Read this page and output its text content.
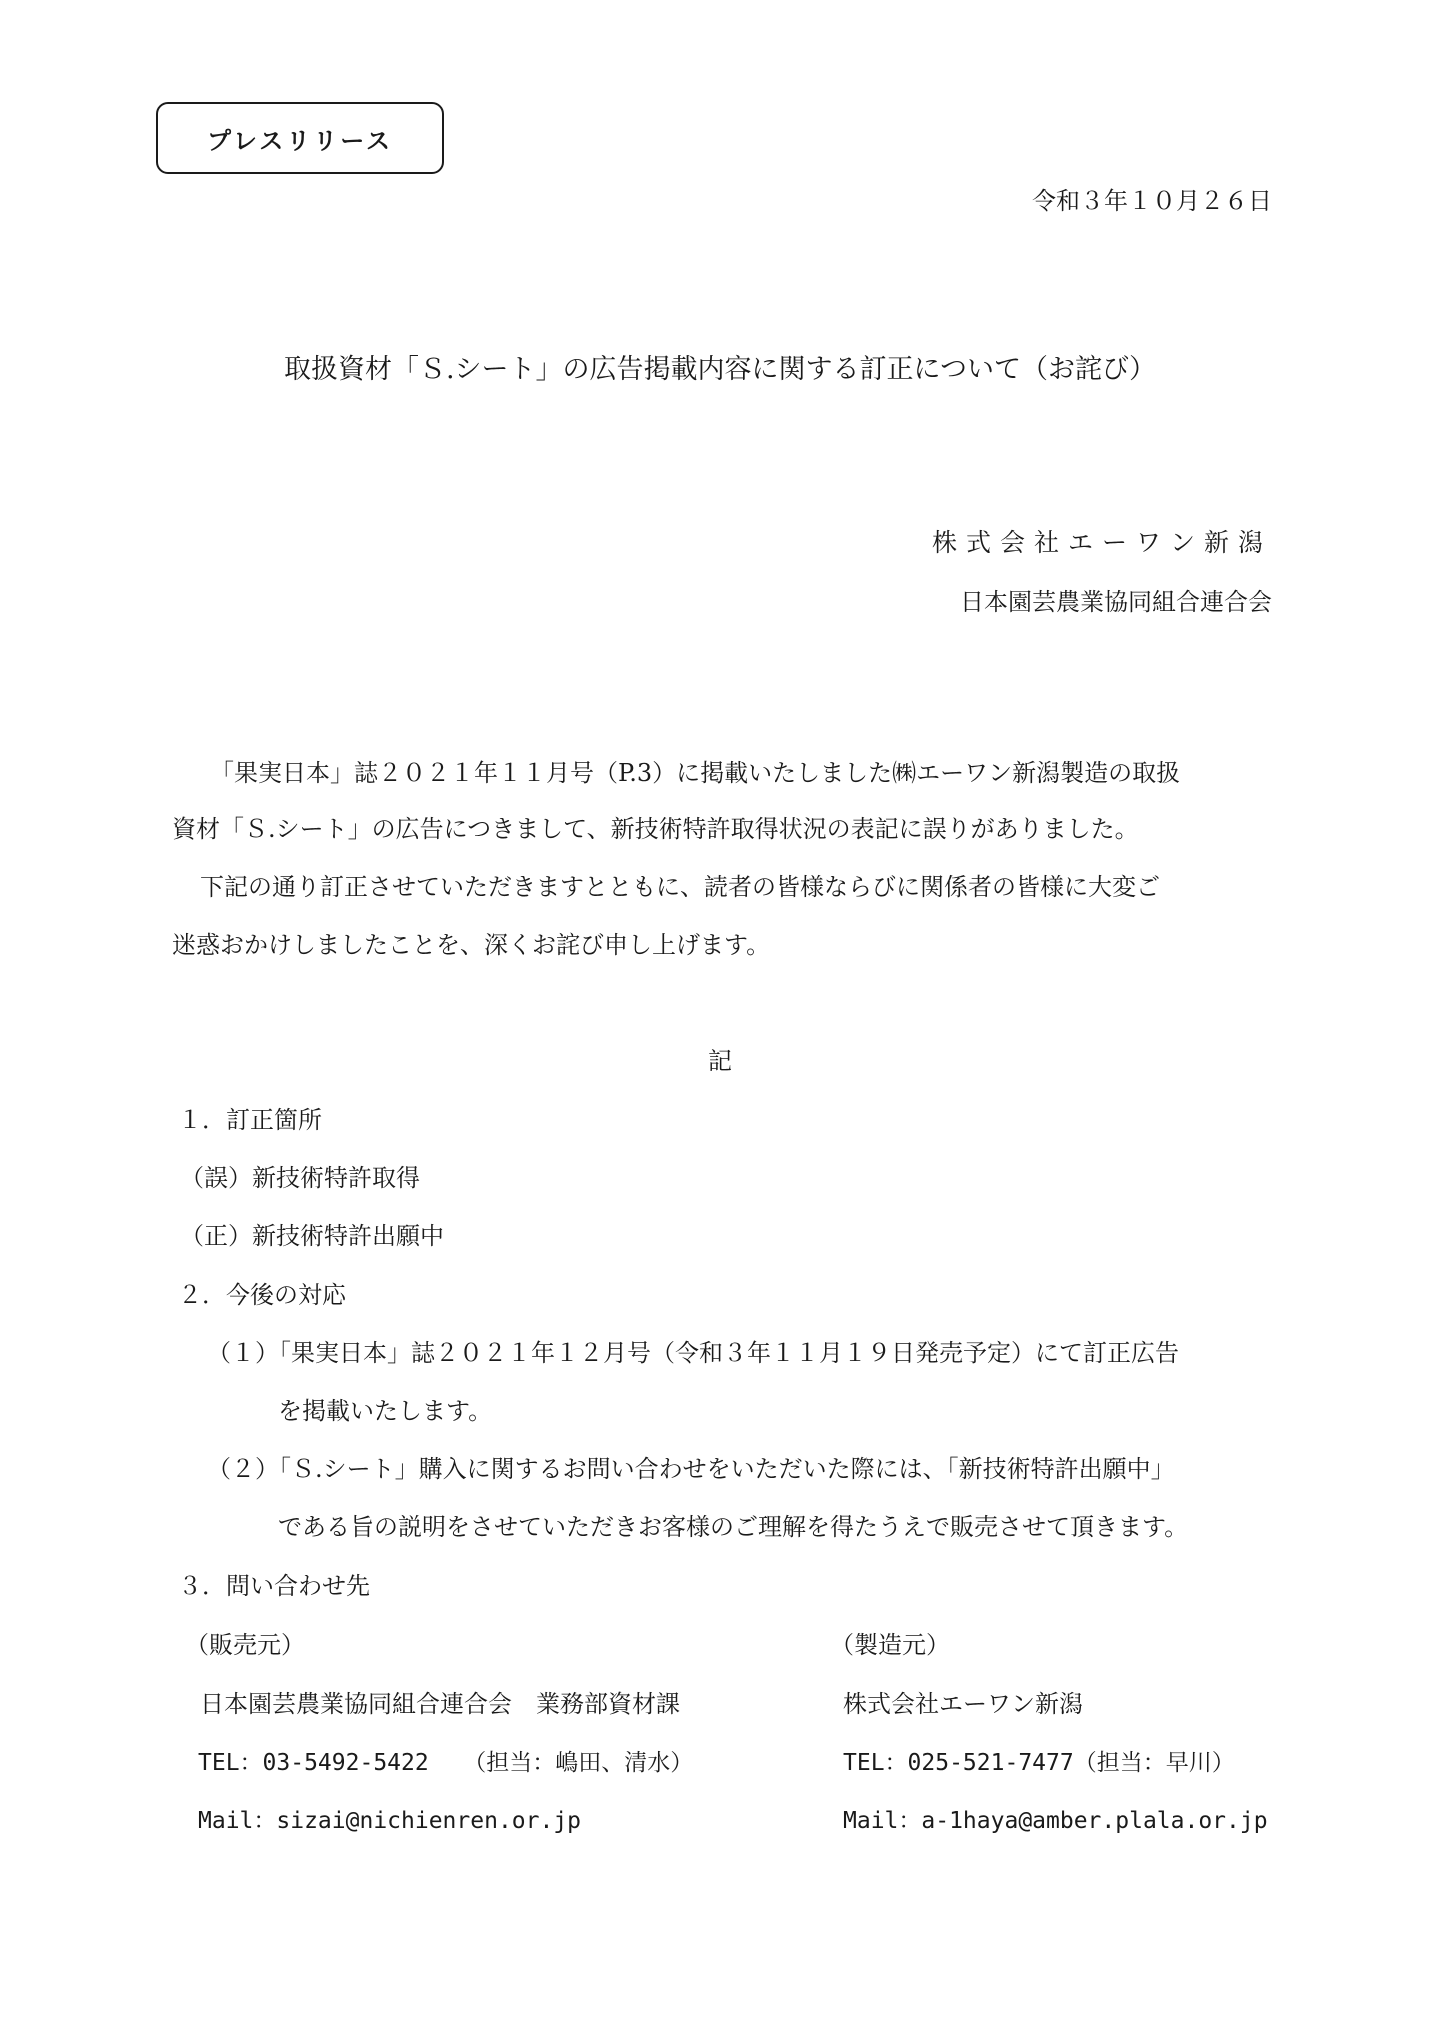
プレスリリース
令和３年１０月２６日
取扱資材「Ｓ.シート」の広告掲載内容に関する訂正について（お詫び）
株式会社エーワン新潟
日本園芸農業協同組合連合会
「果実日本」誌２０２１年１１月号（P.3）に掲載いたしました㈱エーワン新潟製造の取扱
資材「Ｓ.シート」の広告につきまして、新技術特許取得状況の表記に誤りがありました。
下記の通り訂正させていただきますとともに、読者の皆様ならびに関係者の皆様に大変ご
迷惑おかけしましたことを、深くお詫び申し上げます。
記
１．訂正箇所
（誤）新技術特許取得
（正）新技術特許出願中
２．今後の対応
（１）「果実日本」誌２０２１年１２月号（令和３年１１月１９日発売予定）にて訂正広告
を掲載いたします。
（２）「Ｓ.シート」購入に関するお問い合わせをいただいた際には、「新技術特許出願中」
である旨の説明をさせていただきお客様のご理解を得たうえで販売させて頂きます。
３．問い合わせ先
（販売元）
日本園芸農業協同組合連合会　業務部資材課
TEL：03-5492-5422　　（担当：嶋田、清水）
Mail：sizai@nichienren.or.jp
（製造元）
株式会社エーワン新潟
TEL：025-521-7477（担当：早川）
Mail：a-1haya@amber.plala.or.jp
